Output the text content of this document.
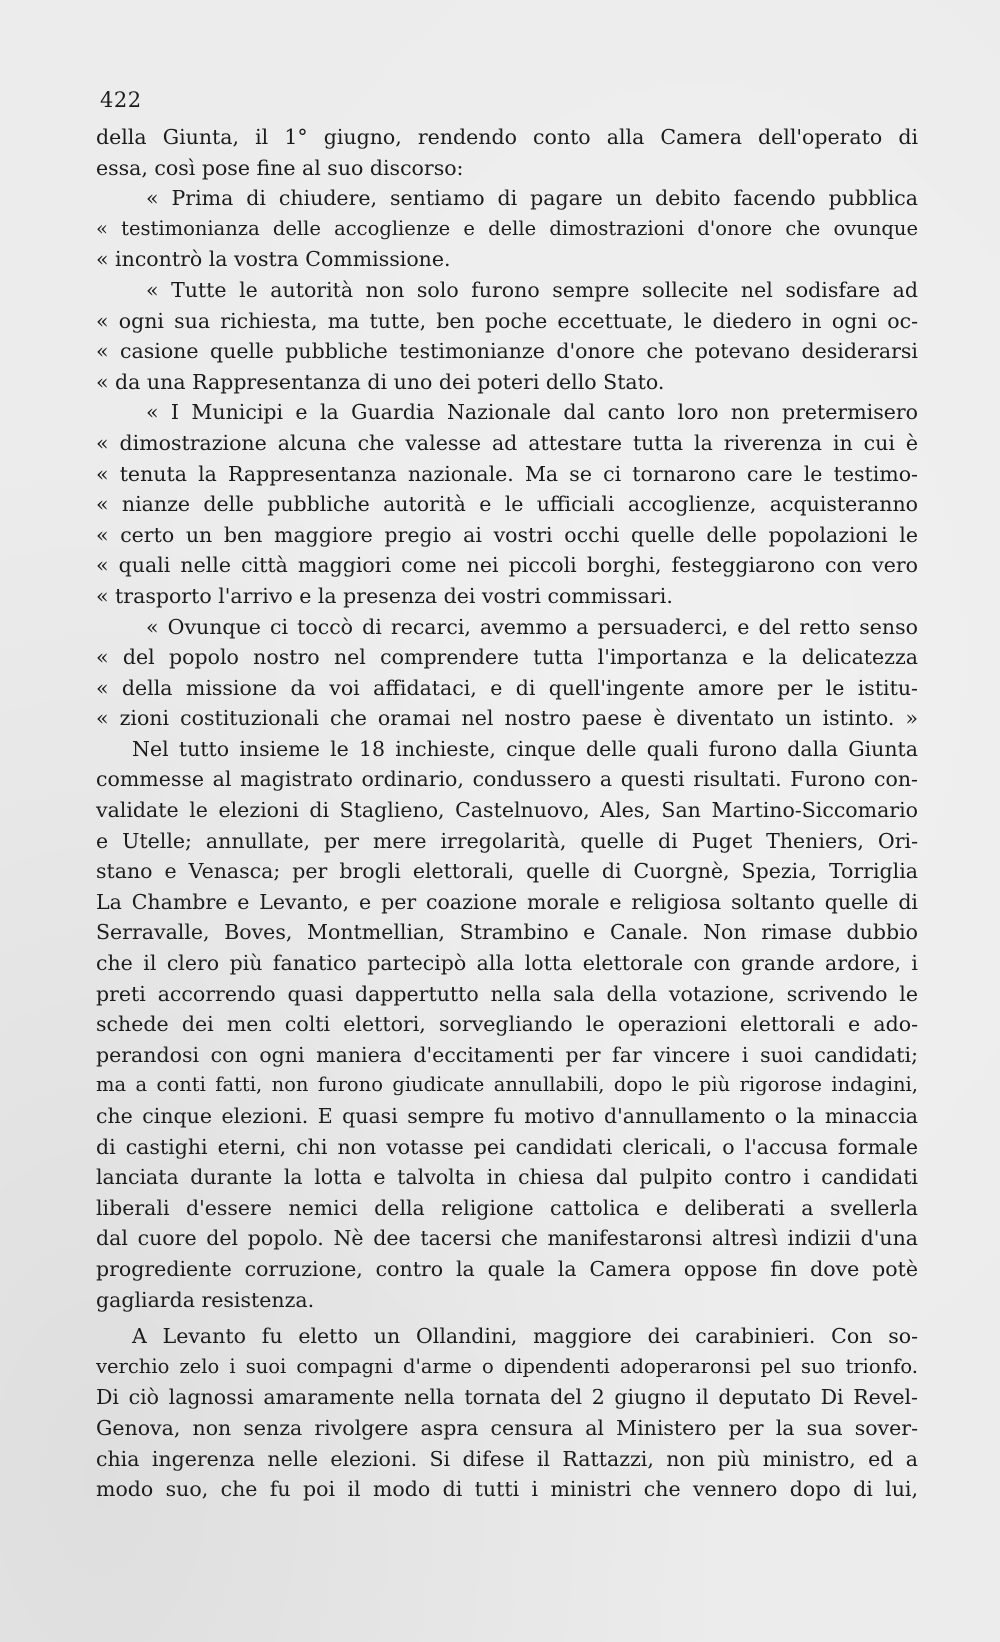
422
della Giunta, il 1° giugno, rendendo conto alla Camera dell'operato di
essa, così pose fine al suo discorso:
« Prima di chiudere, sentiamo di pagare un debito facendo pubblica
« testimonianza delle accoglienze e delle dimostrazioni d'onore che ovunque
« incontrò la vostra Commissione.
« Tutte le autorità non solo furono sempre sollecite nel sodisfare ad
« ogni sua richiesta, ma tutte, ben poche eccettuate, le diedero in ogni oc-
« casione quelle pubbliche testimonianze d'onore che potevano desiderarsi
« da una Rappresentanza di uno dei poteri dello Stato.
« I Municipi e la Guardia Nazionale dal canto loro non pretermisero
« dimostrazione alcuna che valesse ad attestare tutta la riverenza in cui è
« tenuta la Rappresentanza nazionale. Ma se ci tornarono care le testimo-
« nianze delle pubbliche autorità e le ufficiali accoglienze, acquisteranno
« certo un ben maggiore pregio ai vostri occhi quelle delle popolazioni le
« quali nelle città maggiori come nei piccoli borghi, festeggiarono con vero
« trasporto l'arrivo e la presenza dei vostri commissari.
« Ovunque ci toccò di recarci, avemmo a persuaderci, e del retto senso
« del popolo nostro nel comprendere tutta l'importanza e la delicatezza
« della missione da voi affidataci, e di quell'ingente amore per le istitu-
« zioni costituzionali che oramai nel nostro paese è diventato un istinto. »
Nel tutto insieme le 18 inchieste, cinque delle quali furono dalla Giunta
commesse al magistrato ordinario, condussero a questi risultati. Furono con-
validate le elezioni di Staglieno, Castelnuovo, Ales, San Martino-Siccomario
e Utelle; annullate, per mere irregolarità, quelle di Puget Theniers, Ori-
stano e Venasca; per brogli elettorali, quelle di Cuorgnè, Spezia, Torriglia
La Chambre e Levanto, e per coazione morale e religiosa soltanto quelle di
Serravalle, Boves, Montmellian, Strambino e Canale. Non rimase dubbio
che il clero più fanatico partecipò alla lotta elettorale con grande ardore, i
preti accorrendo quasi dappertutto nella sala della votazione, scrivendo le
schede dei men colti elettori, sorvegliando le operazioni elettorali e ado-
perandosi con ogni maniera d'eccitamenti per far vincere i suoi candidati;
ma a conti fatti, non furono giudicate annullabili, dopo le più rigorose indagini,
che cinque elezioni. E quasi sempre fu motivo d'annullamento o la minaccia
di castighi eterni, chi non votasse pei candidati clericali, o l'accusa formale
lanciata durante la lotta e talvolta in chiesa dal pulpito contro i candidati
liberali d'essere nemici della religione cattolica e deliberati a svellerla
dal cuore del popolo. Nè dee tacersi che manifestaronsi altresì indizii d'una
progrediente corruzione, contro la quale la Camera oppose fin dove potè
gagliarda resistenza.
A Levanto fu eletto un Ollandini, maggiore dei carabinieri. Con so-
verchio zelo i suoi compagni d'arme o dipendenti adoperaronsi pel suo trionfo.
Di ciò lagnossi amaramente nella tornata del 2 giugno il deputato Di Revel-
Genova, non senza rivolgere aspra censura al Ministero per la sua sover-
chia ingerenza nelle elezioni. Si difese il Rattazzi, non più ministro, ed a
modo suo, che fu poi il modo di tutti i ministri che vennero dopo di lui,
